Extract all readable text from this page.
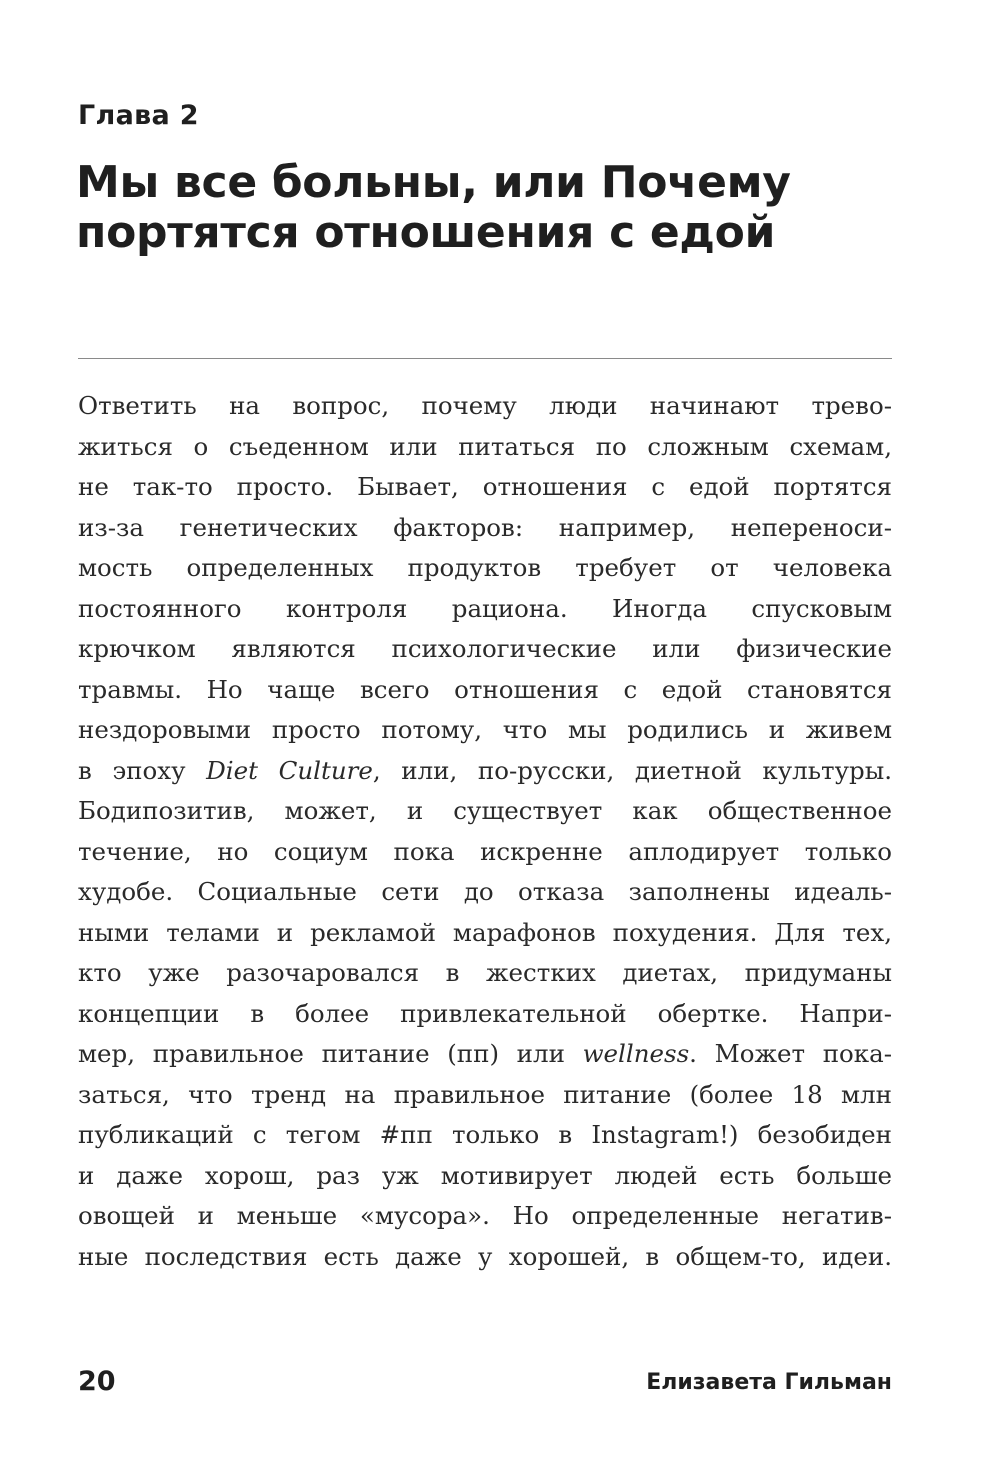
Глава 2
Мы все больны, или Почему
портятся отношения с едой
Ответить на вопрос, почему люди начинают трево-
житься о съеденном или питаться по сложным схемам,
не так-то просто. Бывает, отношения с едой портятся
из-за генетических факторов: например, непереноси-
мость определенных продуктов требует от человека
постоянного контроля рациона. Иногда спусковым
крючком являются психологические или физические
травмы. Но чаще всего отношения с едой становятся
нездоровыми просто потому, что мы родились и живем
в эпоху Diet Culture, или, по-русски, диетной культуры.
Бодипозитив, может, и существует как общественное
течение, но социум пока искренне аплодирует только
худобе. Социальные сети до отказа заполнены идеаль-
ными телами и рекламой марафонов похудения. Для тех,
кто уже разочаровался в жестких диетах, придуманы
концепции в более привлекательной обертке. Напри-
мер, правильное питание (пп) или wellness. Может пока-
заться, что тренд на правильное питание (более 18 млн
публикаций с тегом #пп только в Instagram!) безобиден
и даже хорош, раз уж мотивирует людей есть больше
овощей и меньше «мусора». Но определенные негатив-
ные последствия есть даже у хорошей, в общем-то, идеи.
20	Елизавета Гильман
